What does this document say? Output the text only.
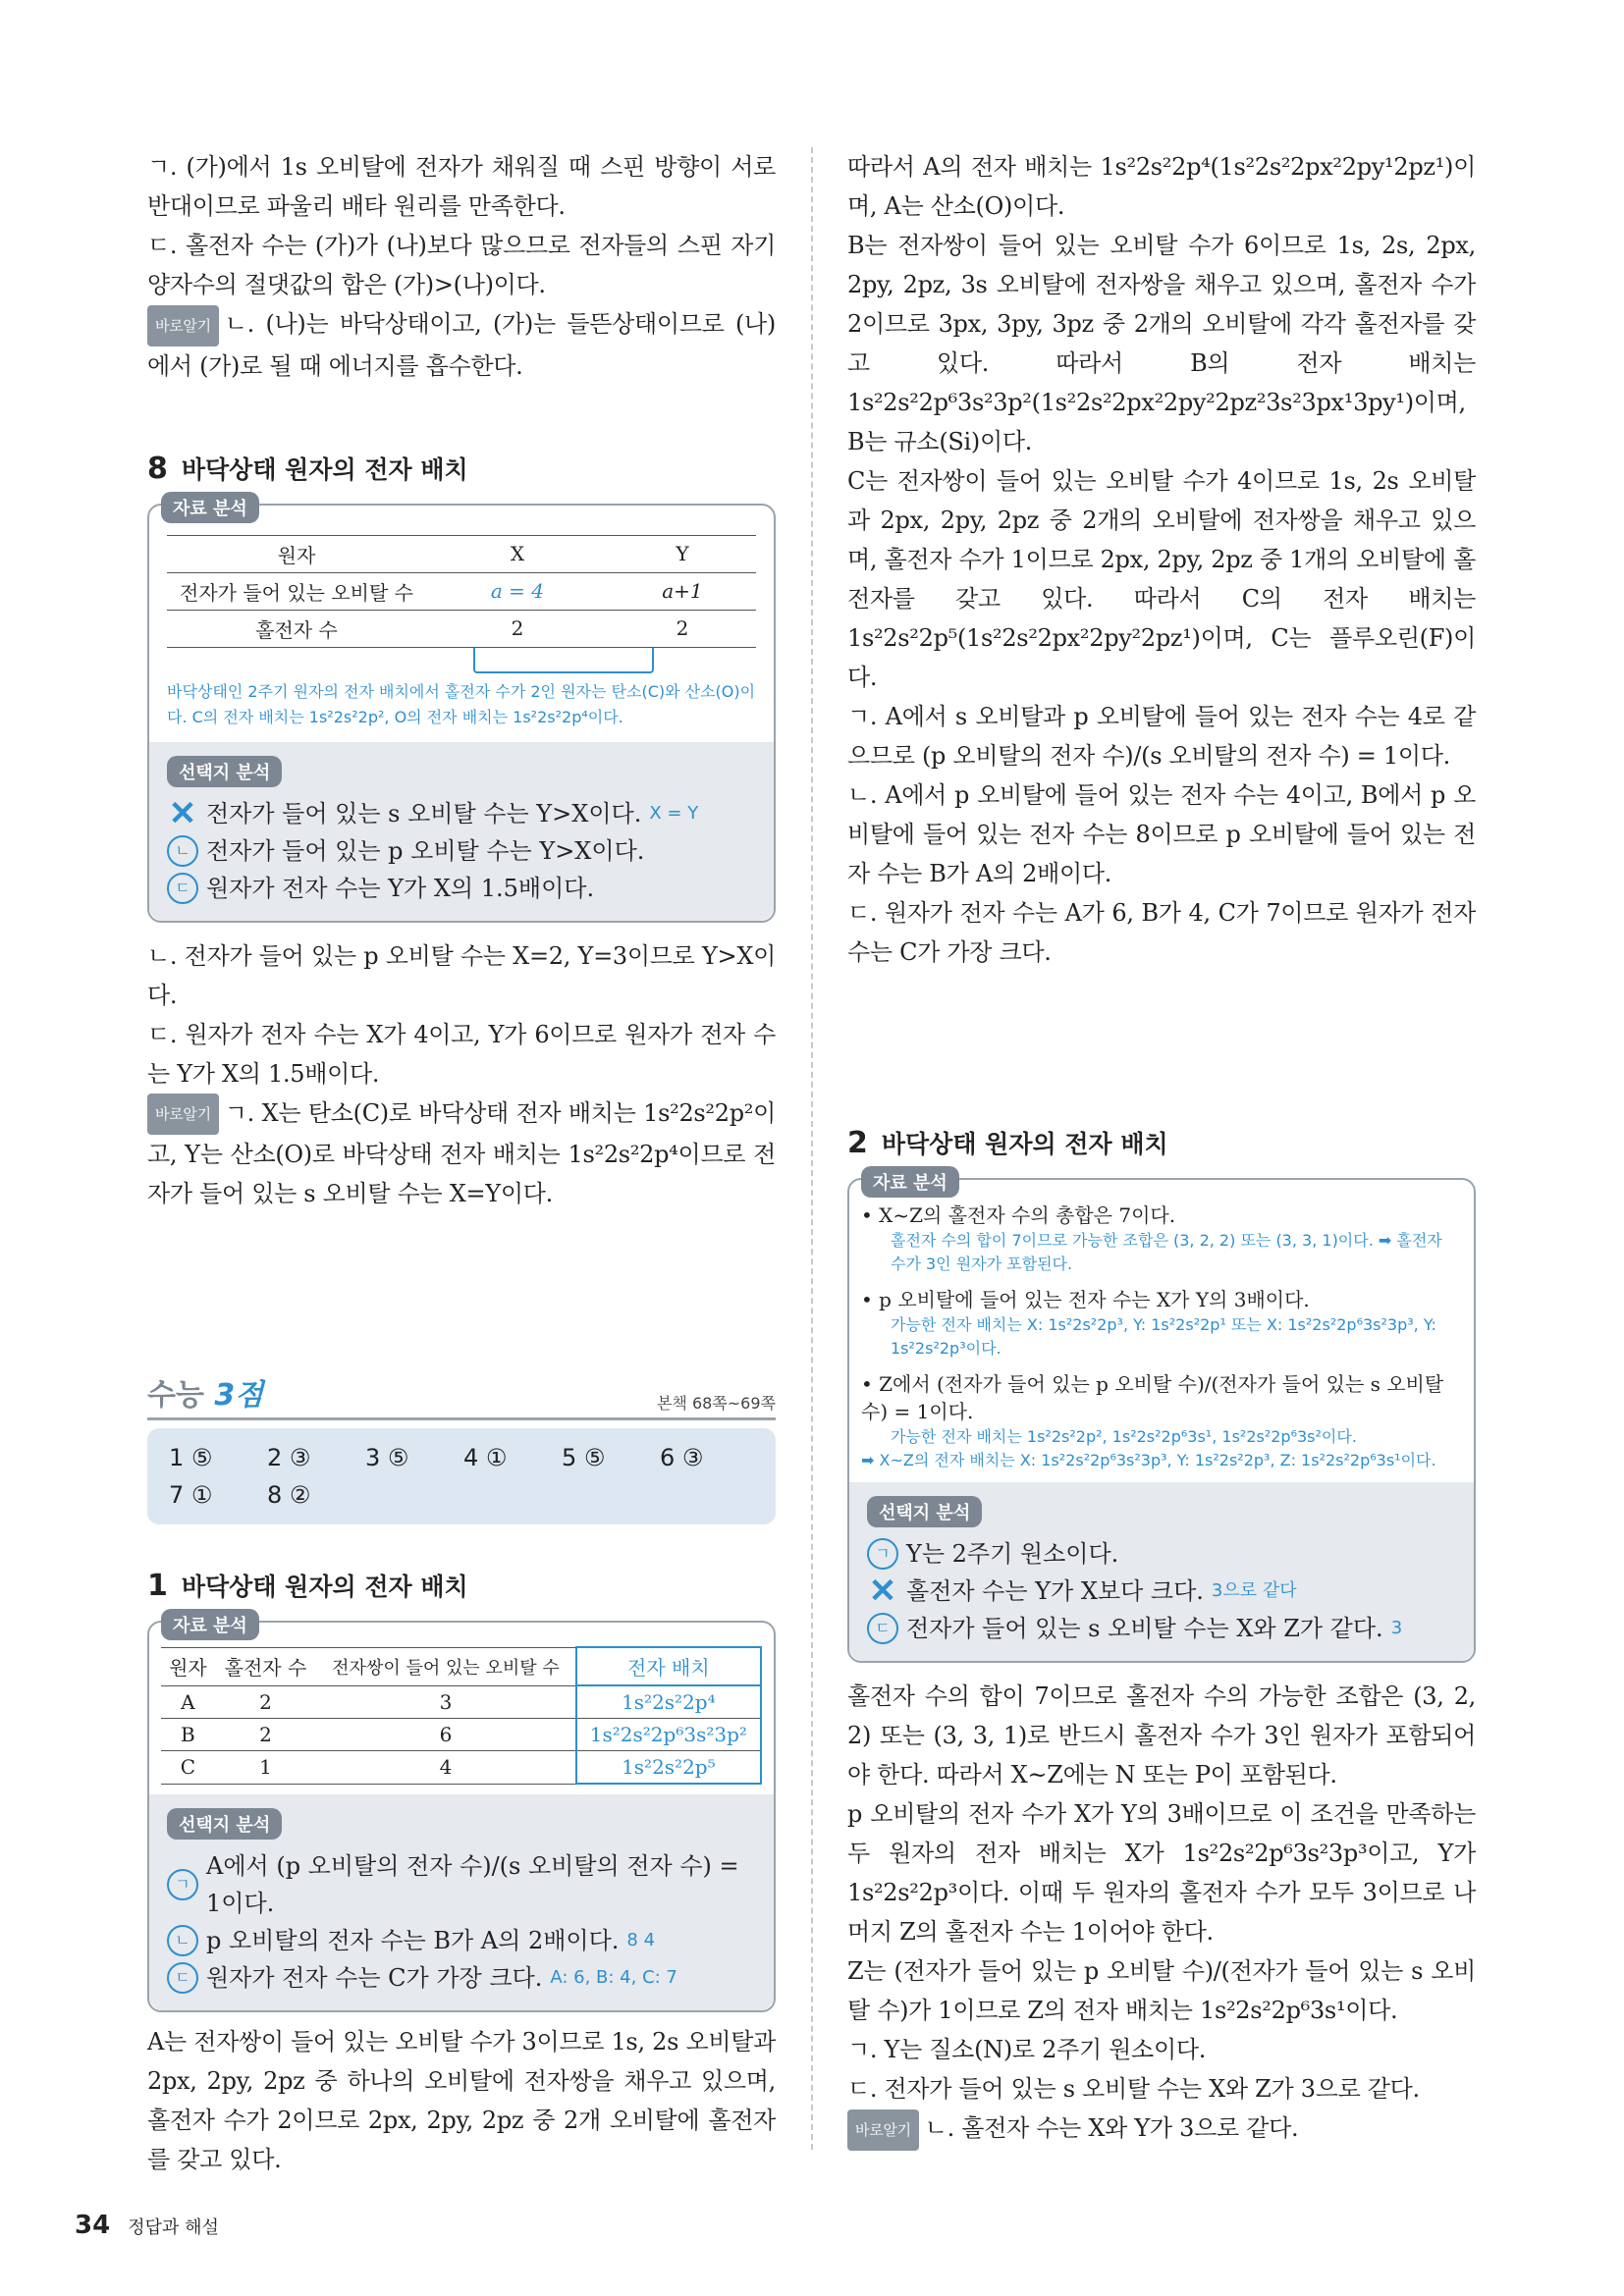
ㄱ. (가)에서 1s 오비탈에 전자가 채워질 때 스핀 방향이 서로 반대이므로 파울리 배타 원리를 만족한다.

ㄷ. 홀전자 수는 (가)가 (나)보다 많으므로 전자들의 스핀 자기 양자수의 절댓값의 합은 (가)>(나)이다.

바로알기 ㄴ. (나)는 바닥상태이고, (가)는 들뜬상태이므로 (나)에서 (가)로 될 때 에너지를 흡수한다.

8 바닥상태 원자의 전자 배치
자료 분석
원자	X	Y
전자가 들어 있는 오비탈 수	a = 4	a+1
홀전자 수	2	2
바닥상태인 2주기 원자의 전자 배치에서 홀전자 수가 2인 원자는 탄소(C)와 산소(O)이다. C의 전자 배치는 1s²2s²2p², O의 전자 배치는 1s²2s²2p⁴이다.
선택지 분석
✕ 전자가 들어 있는 s 오비탈 수는 Y>X이다. X = Y
ㄴ 전자가 들어 있는 p 오비탈 수는 Y>X이다.
ㄷ 원자가 전자 수는 Y가 X의 1.5배이다.

ㄴ. 전자가 들어 있는 p 오비탈 수는 X=2, Y=3이므로 Y>X이다.

ㄷ. 원자가 전자 수는 X가 4이고, Y가 6이므로 원자가 전자 수는 Y가 X의 1.5배이다.

바로알기 ㄱ. X는 탄소(C)로 바닥상태 전자 배치는 1s²2s²2p²이고, Y는 산소(O)로 바닥상태 전자 배치는 1s²2s²2p⁴이므로 전자가 들어 있는 s 오비탈 수는 X=Y이다.

수능 3점	본책 68쪽~69쪽
1 ⑤	2 ③	3 ⑤	4 ①	5 ⑤	6 ③
7 ①	8 ②
1 바닥상태 원자의 전자 배치
자료 분석
원자	홀전자 수	전자쌍이 들어 있는 오비탈 수	전자 배치
A	2	3	1s²2s²2p⁴
B	2	6	1s²2s²2p⁶3s²3p²
C	1	4	1s²2s²2p⁵
선택지 분석
ㄱ
A에서 (p 오비탈의 전자 수)/(s 오비탈의 전자 수) = 1이다.
ㄴ p 오비탈의 전자 수는 B가 A의 2배이다. 8 4
ㄷ 원자가 전자 수는 C가 가장 크다. A: 6, B: 4, C: 7

A는 전자쌍이 들어 있는 오비탈 수가 3이므로 1s, 2s 오비탈과 2px, 2py, 2pz 중 하나의 오비탈에 전자쌍을 채우고 있으며, 홀전자 수가 2이므로 2px, 2py, 2pz 중 2개 오비탈에 홀전자를 갖고 있다.

따라서 A의 전자 배치는 1s²2s²2p⁴(1s²2s²2px²2py¹2pz¹)이며, A는 산소(O)이다.

B는 전자쌍이 들어 있는 오비탈 수가 6이므로 1s, 2s, 2px, 2py, 2pz, 3s 오비탈에 전자쌍을 채우고 있으며, 홀전자 수가 2이므로 3px, 3py, 3pz 중 2개의 오비탈에 각각 홀전자를 갖고 있다. 따라서 B의 전자 배치는 1s²2s²2p⁶3s²3p²(1s²2s²2px²2py²2pz²3s²3px¹3py¹)이며, B는 규소(Si)이다.

C는 전자쌍이 들어 있는 오비탈 수가 4이므로 1s, 2s 오비탈과 2px, 2py, 2pz 중 2개의 오비탈에 전자쌍을 채우고 있으며, 홀전자 수가 1이므로 2px, 2py, 2pz 중 1개의 오비탈에 홀전자를 갖고 있다. 따라서 C의 전자 배치는 1s²2s²2p⁵(1s²2s²2px²2py²2pz¹)이며, C는 플루오린(F)이다.

ㄱ. A에서 s 오비탈과 p 오비탈에 들어 있는 전자 수는 4로 같으므로 (p 오비탈의 전자 수)/(s 오비탈의 전자 수) = 1이다.

ㄴ. A에서 p 오비탈에 들어 있는 전자 수는 4이고, B에서 p 오비탈에 들어 있는 전자 수는 8이므로 p 오비탈에 들어 있는 전자 수는 B가 A의 2배이다.

ㄷ. 원자가 전자 수는 A가 6, B가 4, C가 7이므로 원자가 전자 수는 C가 가장 크다.

2 바닥상태 원자의 전자 배치
자료 분석
• X~Z의 홀전자 수의 총합은 7이다.
홀전자 수의 합이 7이므로 가능한 조합은 (3, 2, 2) 또는 (3, 3, 1)이다. ➡ 홀전자 수가 3인 원자가 포함된다.
• p 오비탈에 들어 있는 전자 수는 X가 Y의 3배이다.
가능한 전자 배치는 X: 1s²2s²2p³, Y: 1s²2s²2p¹ 또는 X: 1s²2s²2p⁶3s²3p³, Y: 1s²2s²2p³이다.
• Z에서 (전자가 들어 있는 p 오비탈 수)/(전자가 들어 있는 s 오비탈 수) = 1이다.
가능한 전자 배치는 1s²2s²2p², 1s²2s²2p⁶3s¹, 1s²2s²2p⁶3s²이다.
➡ X~Z의 전자 배치는 X: 1s²2s²2p⁶3s²3p³, Y: 1s²2s²2p³, Z: 1s²2s²2p⁶3s¹이다.
선택지 분석
ㄱ Y는 2주기 원소이다.
✕ 홀전자 수는 Y가 X보다 크다. 3으로 같다
ㄷ 전자가 들어 있는 s 오비탈 수는 X와 Z가 같다. 3

홀전자 수의 합이 7이므로 홀전자 수의 가능한 조합은 (3, 2, 2) 또는 (3, 3, 1)로 반드시 홀전자 수가 3인 원자가 포함되어야 한다. 따라서 X~Z에는 N 또는 P이 포함된다.

p 오비탈의 전자 수가 X가 Y의 3배이므로 이 조건을 만족하는 두 원자의 전자 배치는 X가 1s²2s²2p⁶3s²3p³이고, Y가 1s²2s²2p³이다. 이때 두 원자의 홀전자 수가 모두 3이므로 나머지 Z의 홀전자 수는 1이어야 한다.

Z는 (전자가 들어 있는 p 오비탈 수)/(전자가 들어 있는 s 오비탈 수)가 1이므로 Z의 전자 배치는 1s²2s²2p⁶3s¹이다.

ㄱ. Y는 질소(N)로 2주기 원소이다.

ㄷ. 전자가 들어 있는 s 오비탈 수는 X와 Z가 3으로 같다.

바로알기 ㄴ. 홀전자 수는 X와 Y가 3으로 같다.

34 정답과 해설
